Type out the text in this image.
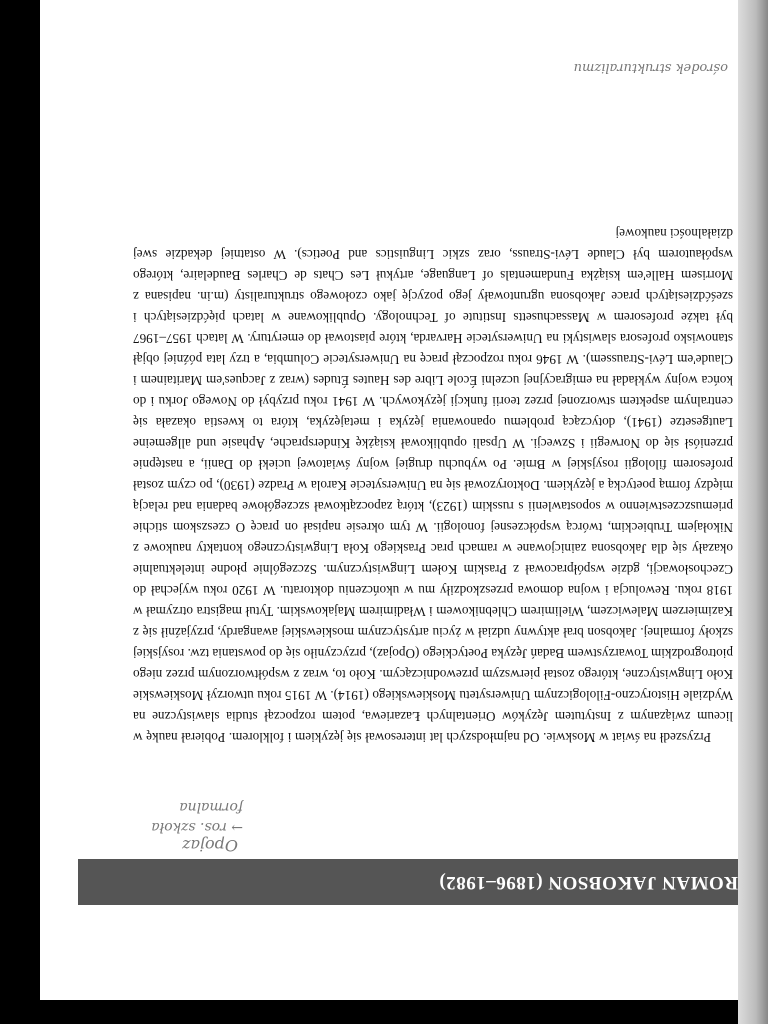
ROMAN JAKOBSON (1896–1982)
Opojaz
→ ros. szkoła
formalna

Przyszedł na świat w Moskwie. Od najmłodszych lat interesował się językiem i folklorem. Pobierał naukę w liceum związanym z Instytutem Języków Orientalnych Łazariewa, potem rozpoczął studia slawistyczne na Wydziale Historyczno-Filologicznym Uniwersytetu Moskiewskiego (1914). W 1915 roku utworzył Moskiewskie Koło Lingwistyczne, którego został pierwszym przewodniczącym. Koło to, wraz z współtworzonym przez niego piotrogrodzkim Towarzystwem Badań Języka Poetyckiego (Opojaz), przyczyniło się do powstania tzw. rosyjskiej szkoły formalnej. Jakobson brał aktywny udział w życiu artystycznym moskiewskiej awangardy, przyjaźnił się z Kazimierzem Malewiczem, Wielimirem Chlebnikowem i Władimirem Majakowskim. Tytuł magistra otrzymał w 1918 roku. Rewolucja i wojna domowa przeszkodziły mu w ukończeniu doktoratu. W 1920 roku wyjechał do Czechosłowacji, gdzie współpracował z Praskim Kołem Lingwistycznym. Szczególnie płodne intelektualnie okazały się dla Jakobsona zainicjowane w ramach prac Praskiego Koła Lingwistycznego kontakty naukowe z Nikołajem Trubieckim, twórcą współczesnej fonologii. W tym okresie napisał on pracę O czeszskom stichie priemuszczestwienno w sopostawlenii s russkim (1923), którą zapoczątkował szczegółowe badania nad relacją między formą poetycką a językiem. Doktoryzował się na Uniwersytecie Karola w Pradze (1930), po czym został profesorem filologii rosyjskiej w Brnie. Po wybuchu drugiej wojny światowej uciekł do Danii, a następnie przeniósł się do Norwegii i Szwecji. W Upsali opublikował książkę Kindersprache, Aphasie und allgemeine Lautgesetze (1941), dotyczącą problemu opanowania języka i metajęzyka, która to kwestia okazała się centralnym aspektem stworzonej przez teorii funkcji językowych. W 1941 roku przybył do Nowego Jorku i do końca wojny wykładał na emigracyjnej uczelni École Libre des Hautes Études (wraz z Jacques'em Maritainem i Claude'em Lévi-Straussem). W 1946 roku rozpoczął pracę na Uniwersytecie Columbia, a trzy lata później objął stanowisko profesora slawistyki na Uniwersytecie Harvarda, które piastował do emerytury. W latach 1957–1967 był także profesorem w Massachusetts Institute of Technology. Opublikowane w latach pięćdziesiątych i sześćdziesiątych prace Jakobsona ugruntowały jego pozycję jako czołowego strukturalisty (m.in. napisana z Morrisem Halle'em książka Fundamentals of Language, artykuł Les Chats de Charles Baudelaire, którego współautorem był Claude Lévi-Strauss, oraz szkic Linguistics and Poetics). W ostatniej dekadzie swej działalności naukowej

ośrodek strukturalizmu
